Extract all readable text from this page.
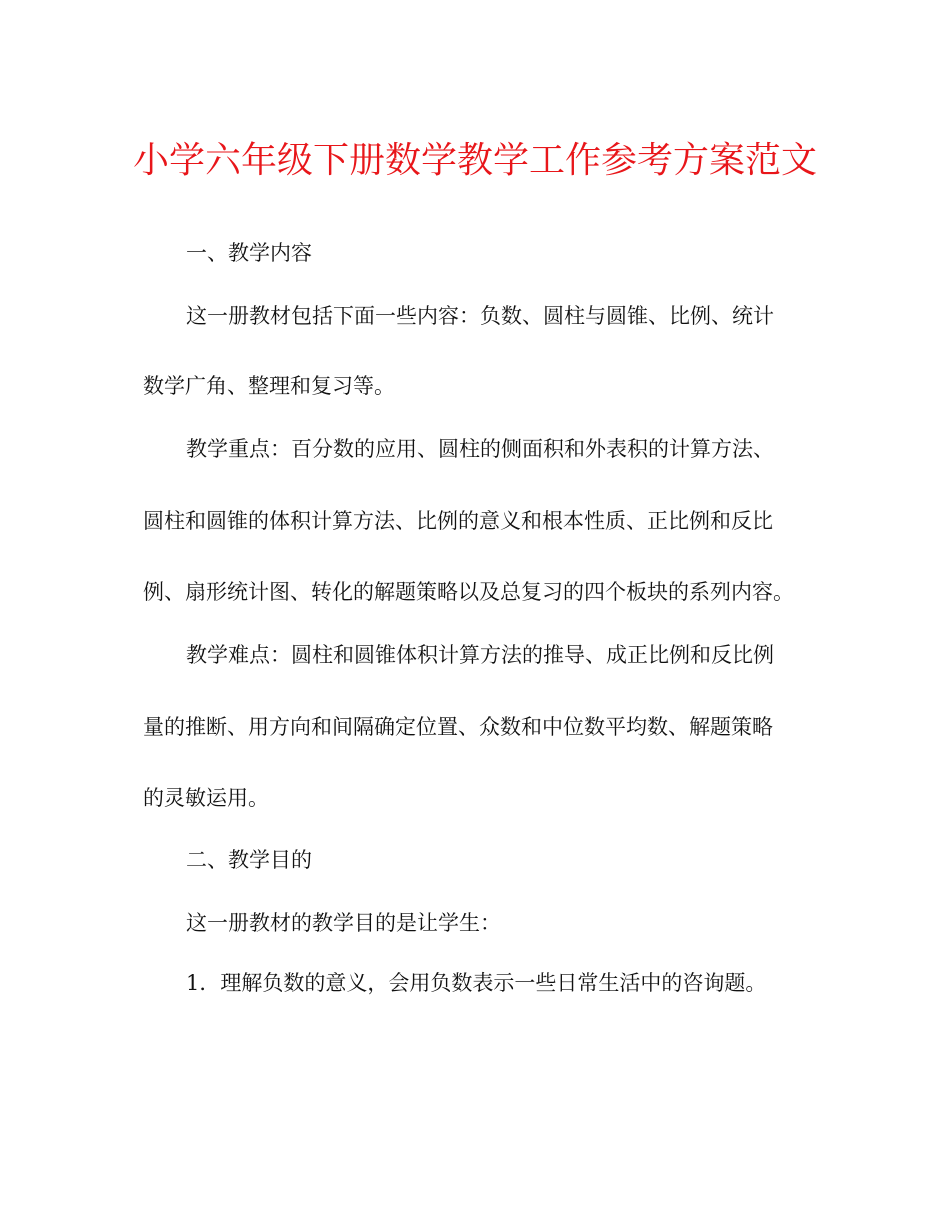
小学六年级下册数学教学工作参考方案范文

一、教学内容

这一册教材包括下面一些内容：负数、圆柱与圆锥、比例、统计

数学广角、整理和复习等。

教学重点：百分数的应用、圆柱的侧面积和外表积的计算方法、

圆柱和圆锥的体积计算方法、比例的意义和根本性质、正比例和反比

例、扇形统计图、转化的解题策略以及总复习的四个板块的系列内容。

教学难点：圆柱和圆锥体积计算方法的推导、成正比例和反比例

量的推断、用方向和间隔确定位置、众数和中位数平均数、解题策略

的灵敏运用。

二、教学目的

这一册教材的教学目的是让学生：

1．理解负数的意义，会用负数表示一些日常生活中的咨询题。
